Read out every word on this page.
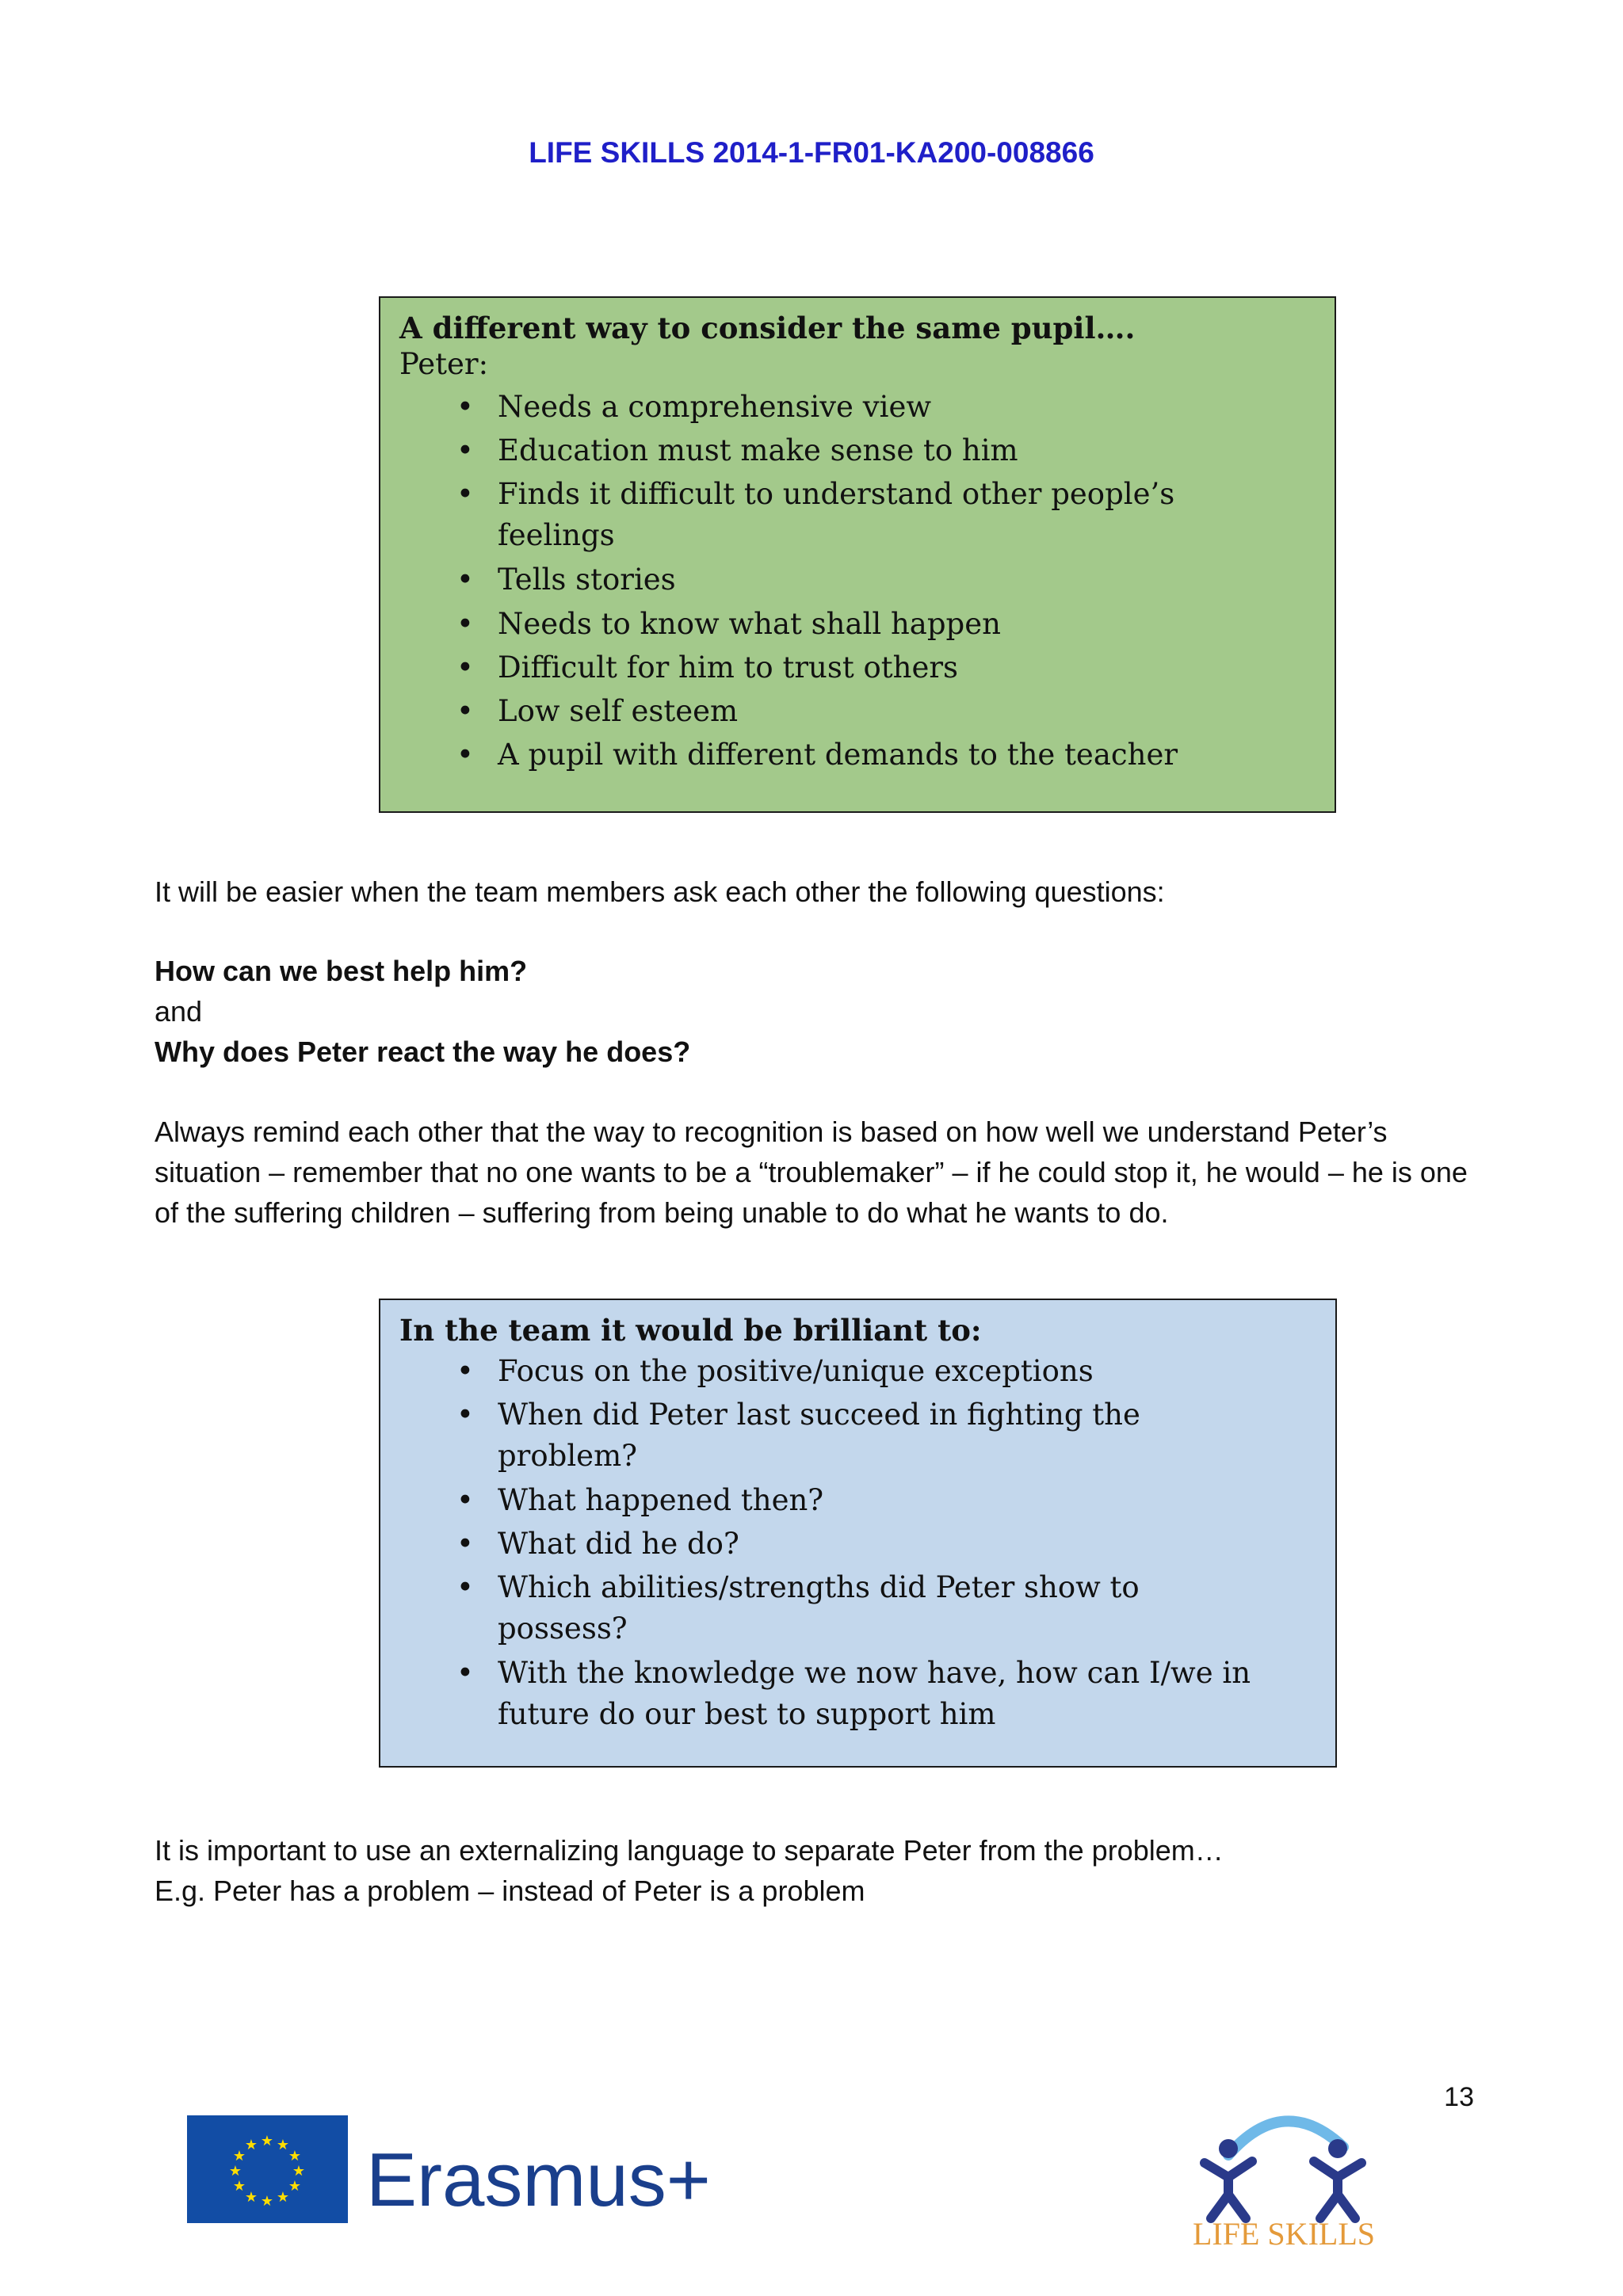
LIFE SKILLS 2014-1-FR01-KA200-008866
A different way to consider the same pupil….
Peter:
• Needs a comprehensive view
• Education must make sense to him
• Finds it difficult to understand other people’s feelings
• Tells stories
• Needs to know what shall happen
• Difficult for him to trust others
• Low self esteem
• A pupil with different demands to the teacher
It will be easier when the team members ask each other the following questions:
How can we best help him?
and
Why does Peter react the way he does?
Always remind each other that the way to recognition is based on how well we understand Peter’s situation – remember that no one wants to be a “troublemaker” – if he could stop it, he would – he is one of the suffering children – suffering from being unable to do what he wants to do.
In the team it would be brilliant to:
• Focus on the positive/unique exceptions
• When did Peter last succeed in fighting the problem?
• What happened then?
• What did he do?
• Which abilities/strengths did Peter show to possess?
• With the knowledge we now have, how can I/we in future do our best to support him
It is important to use an externalizing language to separate Peter from the problem…
E.g. Peter has a problem – instead of Peter is a problem
13
★ ★
★
★
★
★
★
★
★
★
★
★ Erasmus+
LIFE SKILLS
